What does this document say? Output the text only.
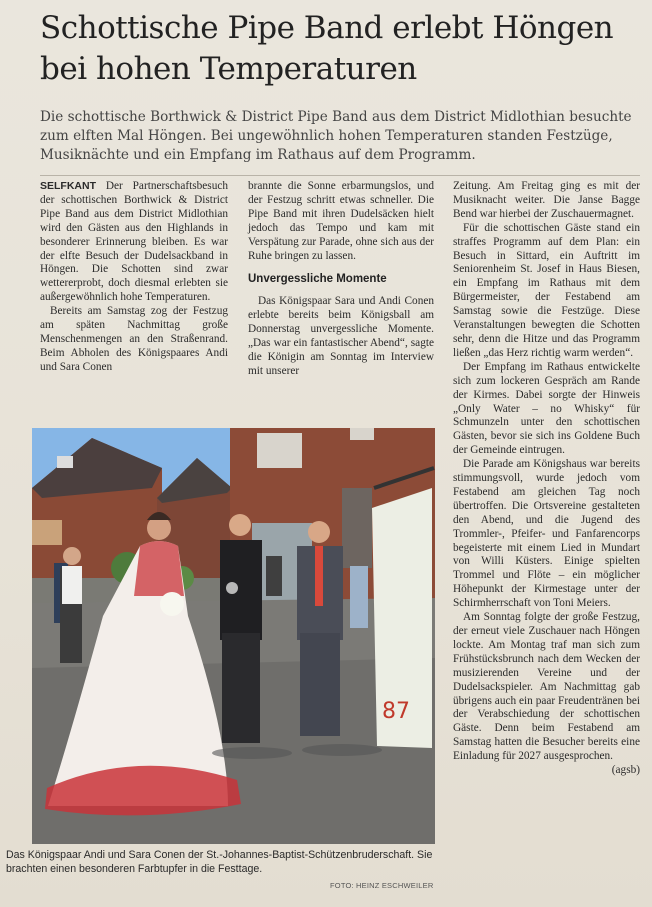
Schottische Pipe Band erlebt Höngen bei hohen Temperaturen

Die schottische Borthwick & District Pipe Band aus dem District Midlothian besuchte zum elften Mal Höngen. Bei ungewöhnlich hohen Temperaturen standen Festzüge, Musiknächte und ein Empfang im Rathaus auf dem Programm.

SELFKANT Der Partnerschaftsbesuch der schottischen Borthwick & District Pipe Band aus dem District Midlothian wird den Gästen aus den Highlands in besonderer Erinnerung bleiben. Es war der elfte Besuch der Dudelsackband in Höngen. Die Schotten sind zwar wettererprobt, doch diesmal erlebten sie außergewöhnlich hohe Temperaturen.

Bereits am Samstag zog der Festzug am späten Nachmittag große Menschenmengen an den Straßenrand. Beim Abholen des Königspaares Andi und Sara Conen

brannte die Sonne erbarmungslos, und der Festzug schritt etwas schneller. Die Pipe Band mit ihren Dudelsäcken hielt jedoch das Tempo und kam mit Verspätung zur Parade, ohne sich aus der Ruhe bringen zu lassen.

Unvergessliche Momente

Das Königspaar Sara und Andi Conen erlebte bereits beim Königsball am Donnerstag unvergessliche Momente. „Das war ein fantastischer Abend“, sagte die Königin am Sonntag im Interview mit unserer

Zeitung. Am Freitag ging es mit der Musiknacht weiter. Die Janse Bagge Bend war hierbei der Zuschauermagnet.

Für die schottischen Gäste stand ein straffes Programm auf dem Plan: ein Besuch in Sittard, ein Auftritt im Seniorenheim St. Josef in Haus Biesen, ein Empfang im Rathaus mit dem Bürgermeister, der Festabend am Samstag sowie die Festzüge. Diese Veranstaltungen bewegten die Schotten sehr, denn die Hitze und das Programm ließen „das Herz richtig warm werden“.

Der Empfang im Rathaus entwickelte sich zum lockeren Gespräch am Rande der Kirmes. Dabei sorgte der Hinweis „Only Water – no Whisky“ für Schmunzeln unter den schottischen Gästen, bevor sie sich ins Goldene Buch der Gemeinde eintrugen.

Die Parade am Königshaus war bereits stimmungsvoll, wurde jedoch vom Festabend am gleichen Tag noch übertroffen. Die Ortsvereine gestalteten den Abend, und die Jugend des Trommler-, Pfeifer- und Fanfarencorps begeisterte mit einem Lied in Mundart von Willi Küsters. Einige spielten Trommel und Flöte – ein möglicher Höhepunkt der Kirmestage unter der Schirmherrschaft von Toni Meiers.

Am Sonntag folgte der große Festzug, der erneut viele Zuschauer nach Höngen lockte. Am Montag traf man sich zum Frühstücksbrunch nach dem Wecken der musizierenden Vereine und der Dudelsackspieler. Am Nachmittag gab übrigens auch ein paar Freudentränen bei der Verabschiedung der schottischen Gäste. Denn beim Festabend am Samstag hatten die Besucher bereits eine Einladung für 2027 ausgesprochen.
(agsb)

87

Das Königspaar Andi und Sara Conen der St.-Johannes-Baptist-Schützenbruderschaft. Sie brachten einen besonderen Farbtupfer in die Festtage.

FOTO: HEINZ ESCHWEILER
